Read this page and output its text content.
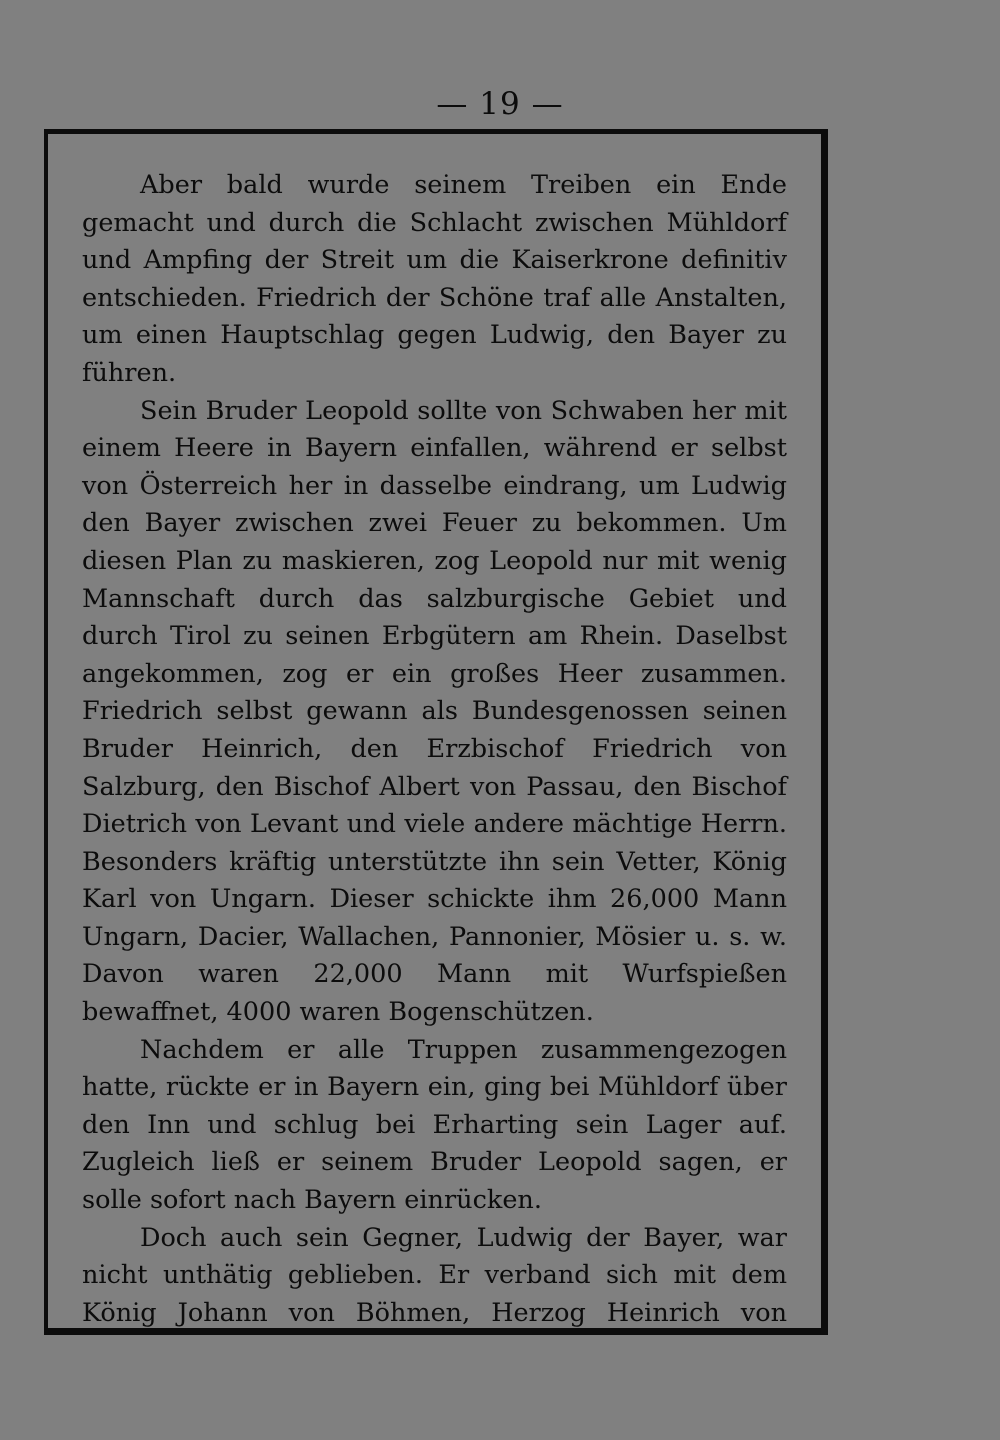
— 19 —

Aber bald wurde seinem Treiben ein Ende gemacht und durch die Schlacht zwischen Mühldorf und Ampfing der Streit um die Kaiserkrone definitiv entschieden. Friedrich der Schöne traf alle Anstalten, um einen Hauptschlag gegen Ludwig, den Bayer zu führen.

Sein Bruder Leopold sollte von Schwaben her mit einem Heere in Bayern einfallen, während er selbst von Österreich her in dasselbe eindrang, um Ludwig den Bayer zwischen zwei Feuer zu bekommen. Um diesen Plan zu maskieren, zog Leopold nur mit wenig Mannschaft durch das salzburgische Gebiet und durch Tirol zu seinen Erbgütern am Rhein. Daselbst angekommen, zog er ein großes Heer zusammen. Friedrich selbst gewann als Bundesgenossen seinen Bruder Heinrich, den Erzbischof Friedrich von Salzburg, den Bischof Albert von Passau, den Bischof Dietrich von Levant und viele andere mächtige Herrn. Besonders kräftig unterstützte ihn sein Vetter, König Karl von Ungarn. Dieser schickte ihm 26,000 Mann Ungarn, Dacier, Wallachen, Pannonier, Mösier u. s. w. Davon waren 22,000 Mann mit Wurfspießen bewaffnet, 4000 waren Bogenschützen.

Nachdem er alle Truppen zusammengezogen hatte, rückte er in Bayern ein, ging bei Mühldorf über den Inn und schlug bei Erharting sein Lager auf. Zugleich ließ er seinem Bruder Leopold sagen, er solle sofort nach Bayern einrücken.

Doch auch sein Gegner, Ludwig der Bayer, war nicht unthätig geblieben. Er verband sich mit dem König Johann von Böhmen, Herzog Heinrich von
